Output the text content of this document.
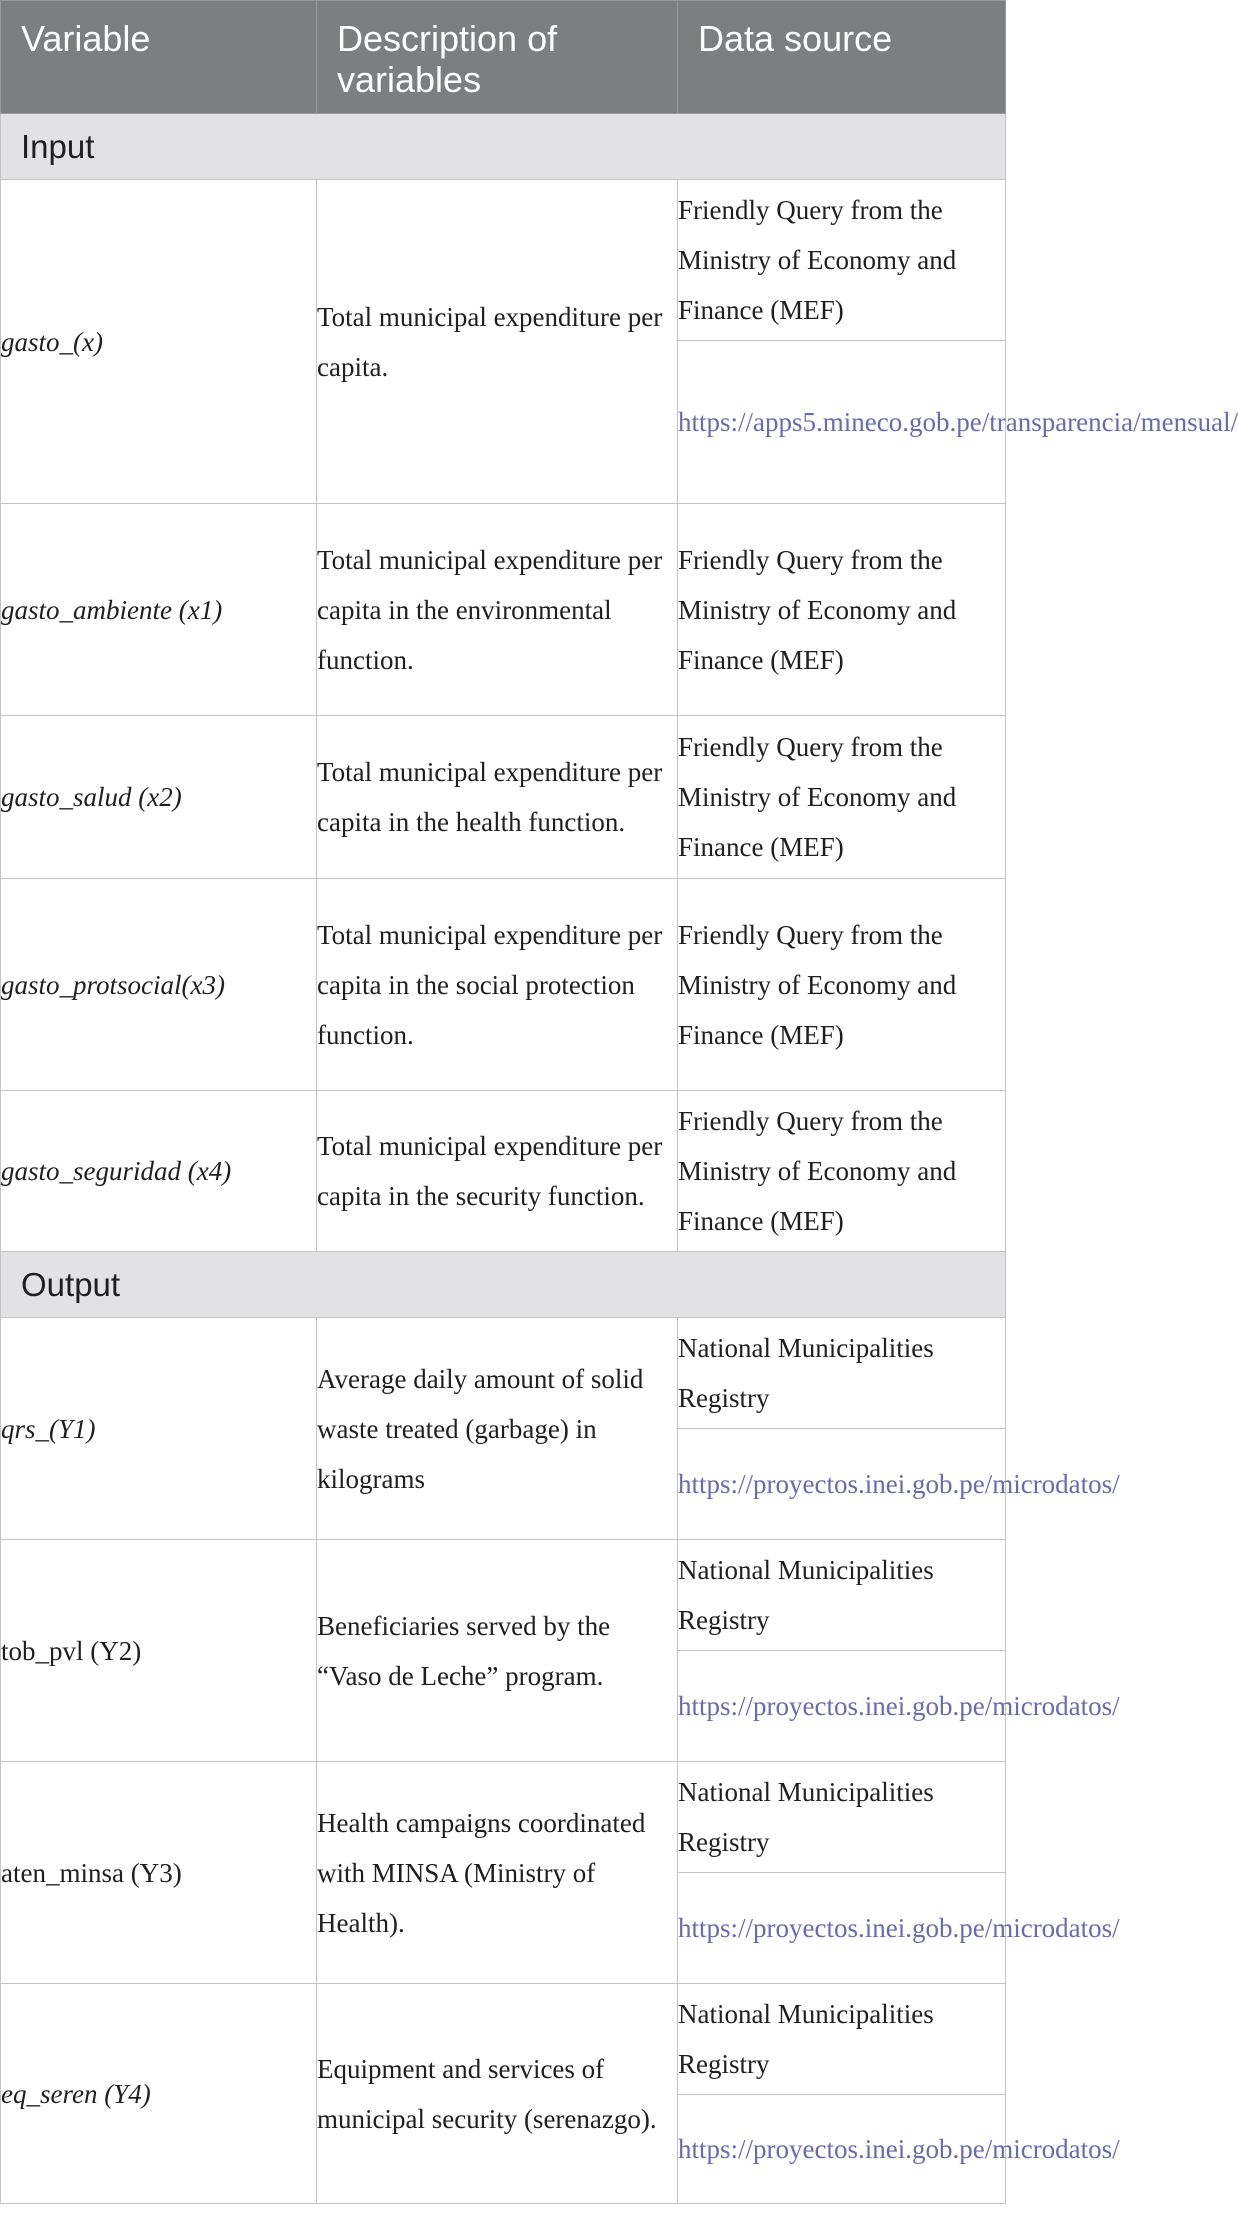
Variable	Description of variables	Data source
Input		
gasto_(x)	Total municipal expenditure per capita.	Friendly Query from the Ministry of Economy and Finance (MEF)
		https://apps5.mineco.gob.pe/transparencia/mensual/
gasto_ambiente (x1)	Total municipal expenditure per capita in the environmental function.	Friendly Query from the Ministry of Economy and Finance (MEF)
gasto_salud (x2)	Total municipal expenditure per capita in the health function.	Friendly Query from the Ministry of Economy and Finance (MEF)
gasto_protsocial(x3)	Total municipal expenditure per capita in the social protection function.	Friendly Query from the Ministry of Economy and Finance (MEF)
gasto_seguridad (x4)	Total municipal expenditure per capita in the security function.	Friendly Query from the Ministry of Economy and Finance (MEF)
Output		
qrs_(Y1)	Average daily amount of solid waste treated (garbage) in kilograms	National Municipalities Registry
		https://proyectos.inei.gob.pe/microdatos/
tob_pvl (Y2)	Beneficiaries served by the “Vaso de Leche” program.	National Municipalities Registry
		https://proyectos.inei.gob.pe/microdatos/
aten_minsa (Y3)	Health campaigns coordinated with MINSA (Ministry of Health).	National Municipalities Registry
		https://proyectos.inei.gob.pe/microdatos/
eq_seren (Y4)	Equipment and services of municipal security (serenazgo).	National Municipalities Registry
		https://proyectos.inei.gob.pe/microdatos/
